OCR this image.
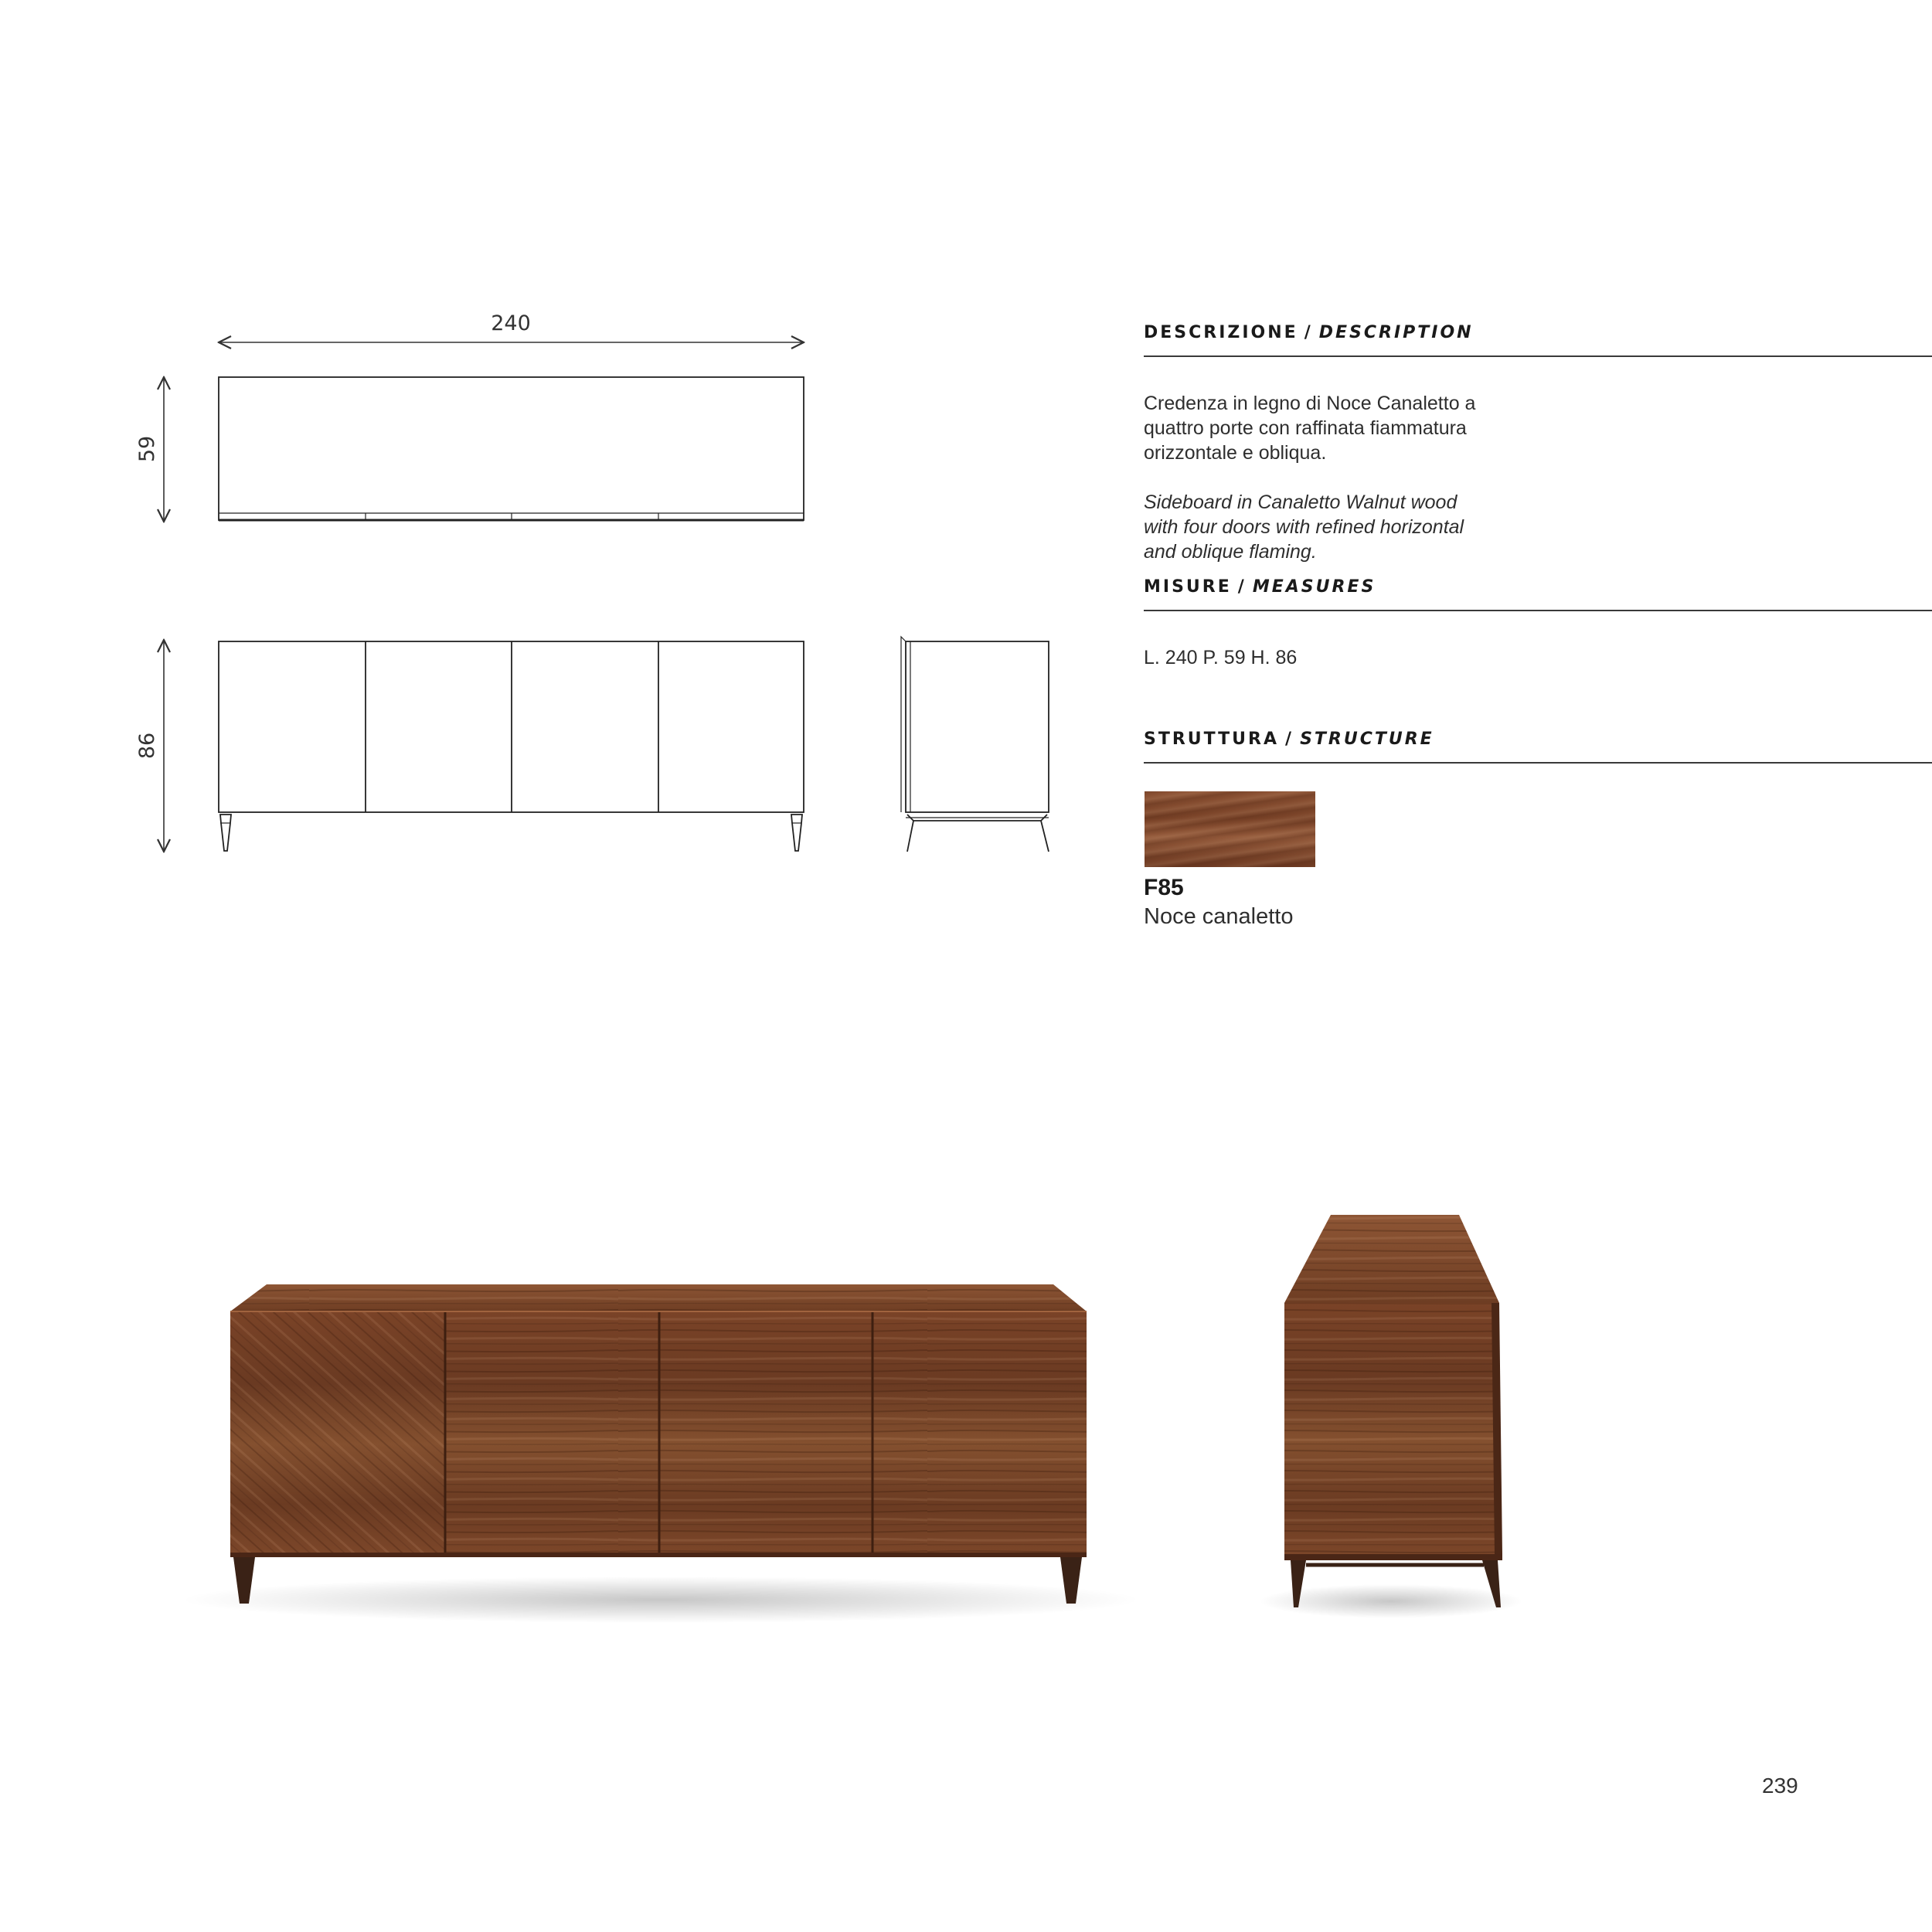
240
59
86
DESCRIZIONE / DESCRIPTION

Credenza in legno di Noce Canaletto a
quattro porte con raffinata fiammatura
orizzontale e obliqua.

Sideboard in Canaletto Walnut wood
with four doors with refined horizontal
and oblique flaming.

MISURE / MEASURES
L. 240 P. 59 H. 86
STRUTTURA / STRUCTURE
F85
Noce canaletto
239
